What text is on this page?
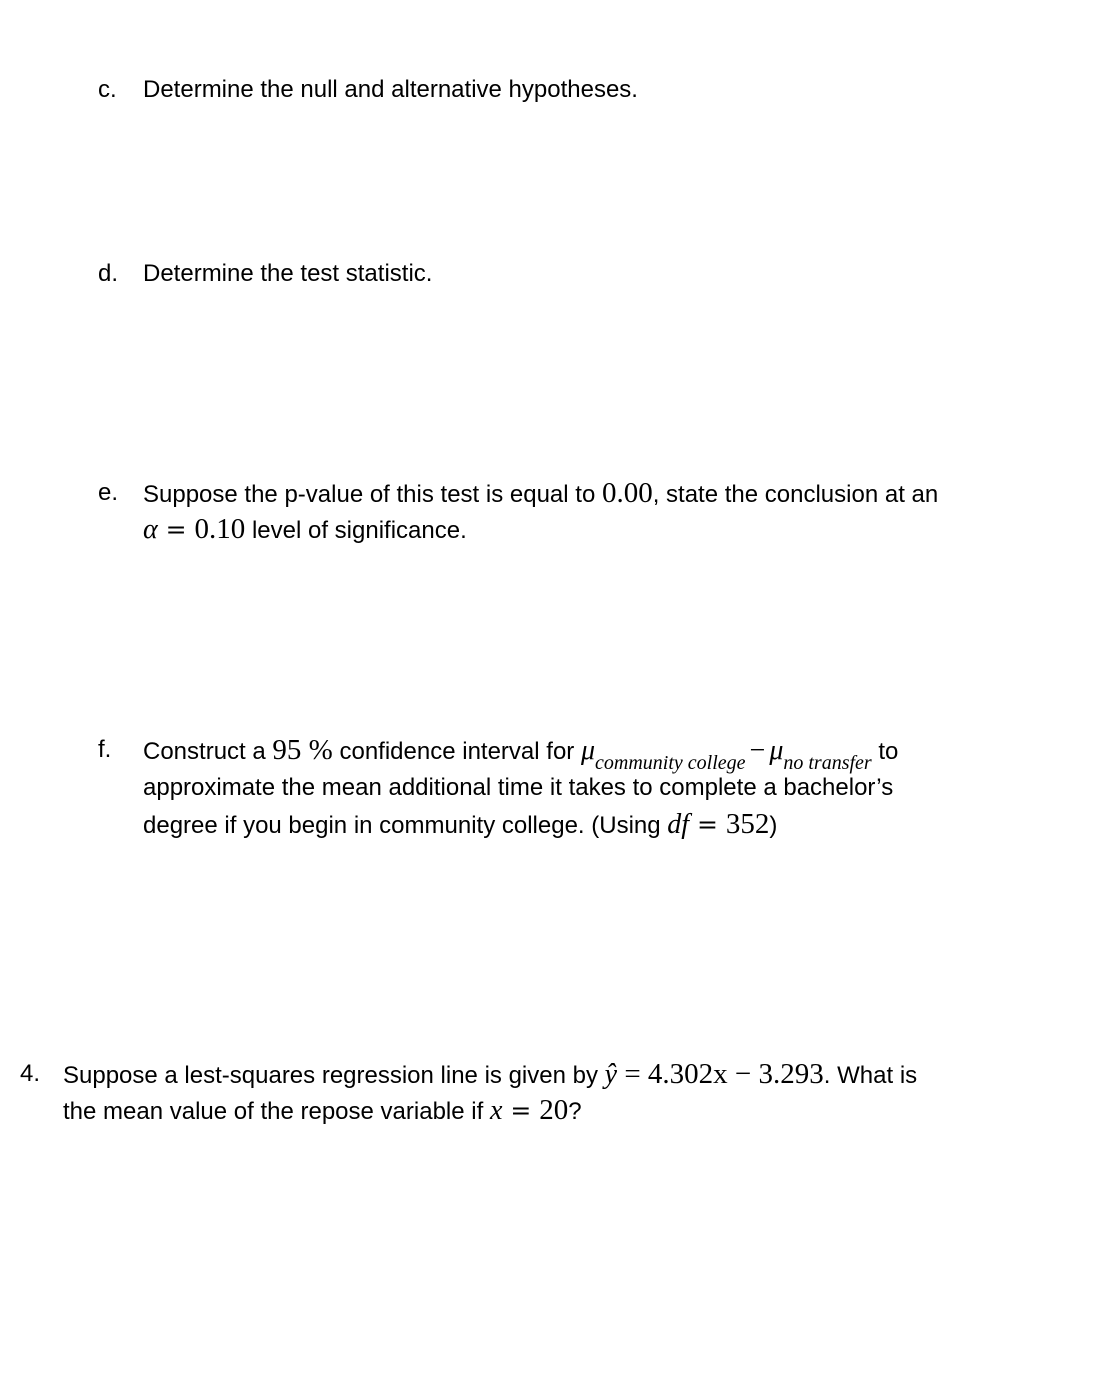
c. Determine the null and alternative hypotheses.
d. Determine the test statistic.
e. Suppose the p-value of this test is equal to 0.00, state the conclusion at an
α = 0.10 level of significance.
f. Construct a 95 % confidence interval for $\mu_{community college} - \mu_{no transfer}$ to
approximate the mean additional time it takes to complete a bachelor’s
degree if you begin in community college. (Using df = 352)
4. Suppose a lest-squares regression line is given by ŷ = 4.302x − 3.293. What is
the mean value of the repose variable if x = 20?
